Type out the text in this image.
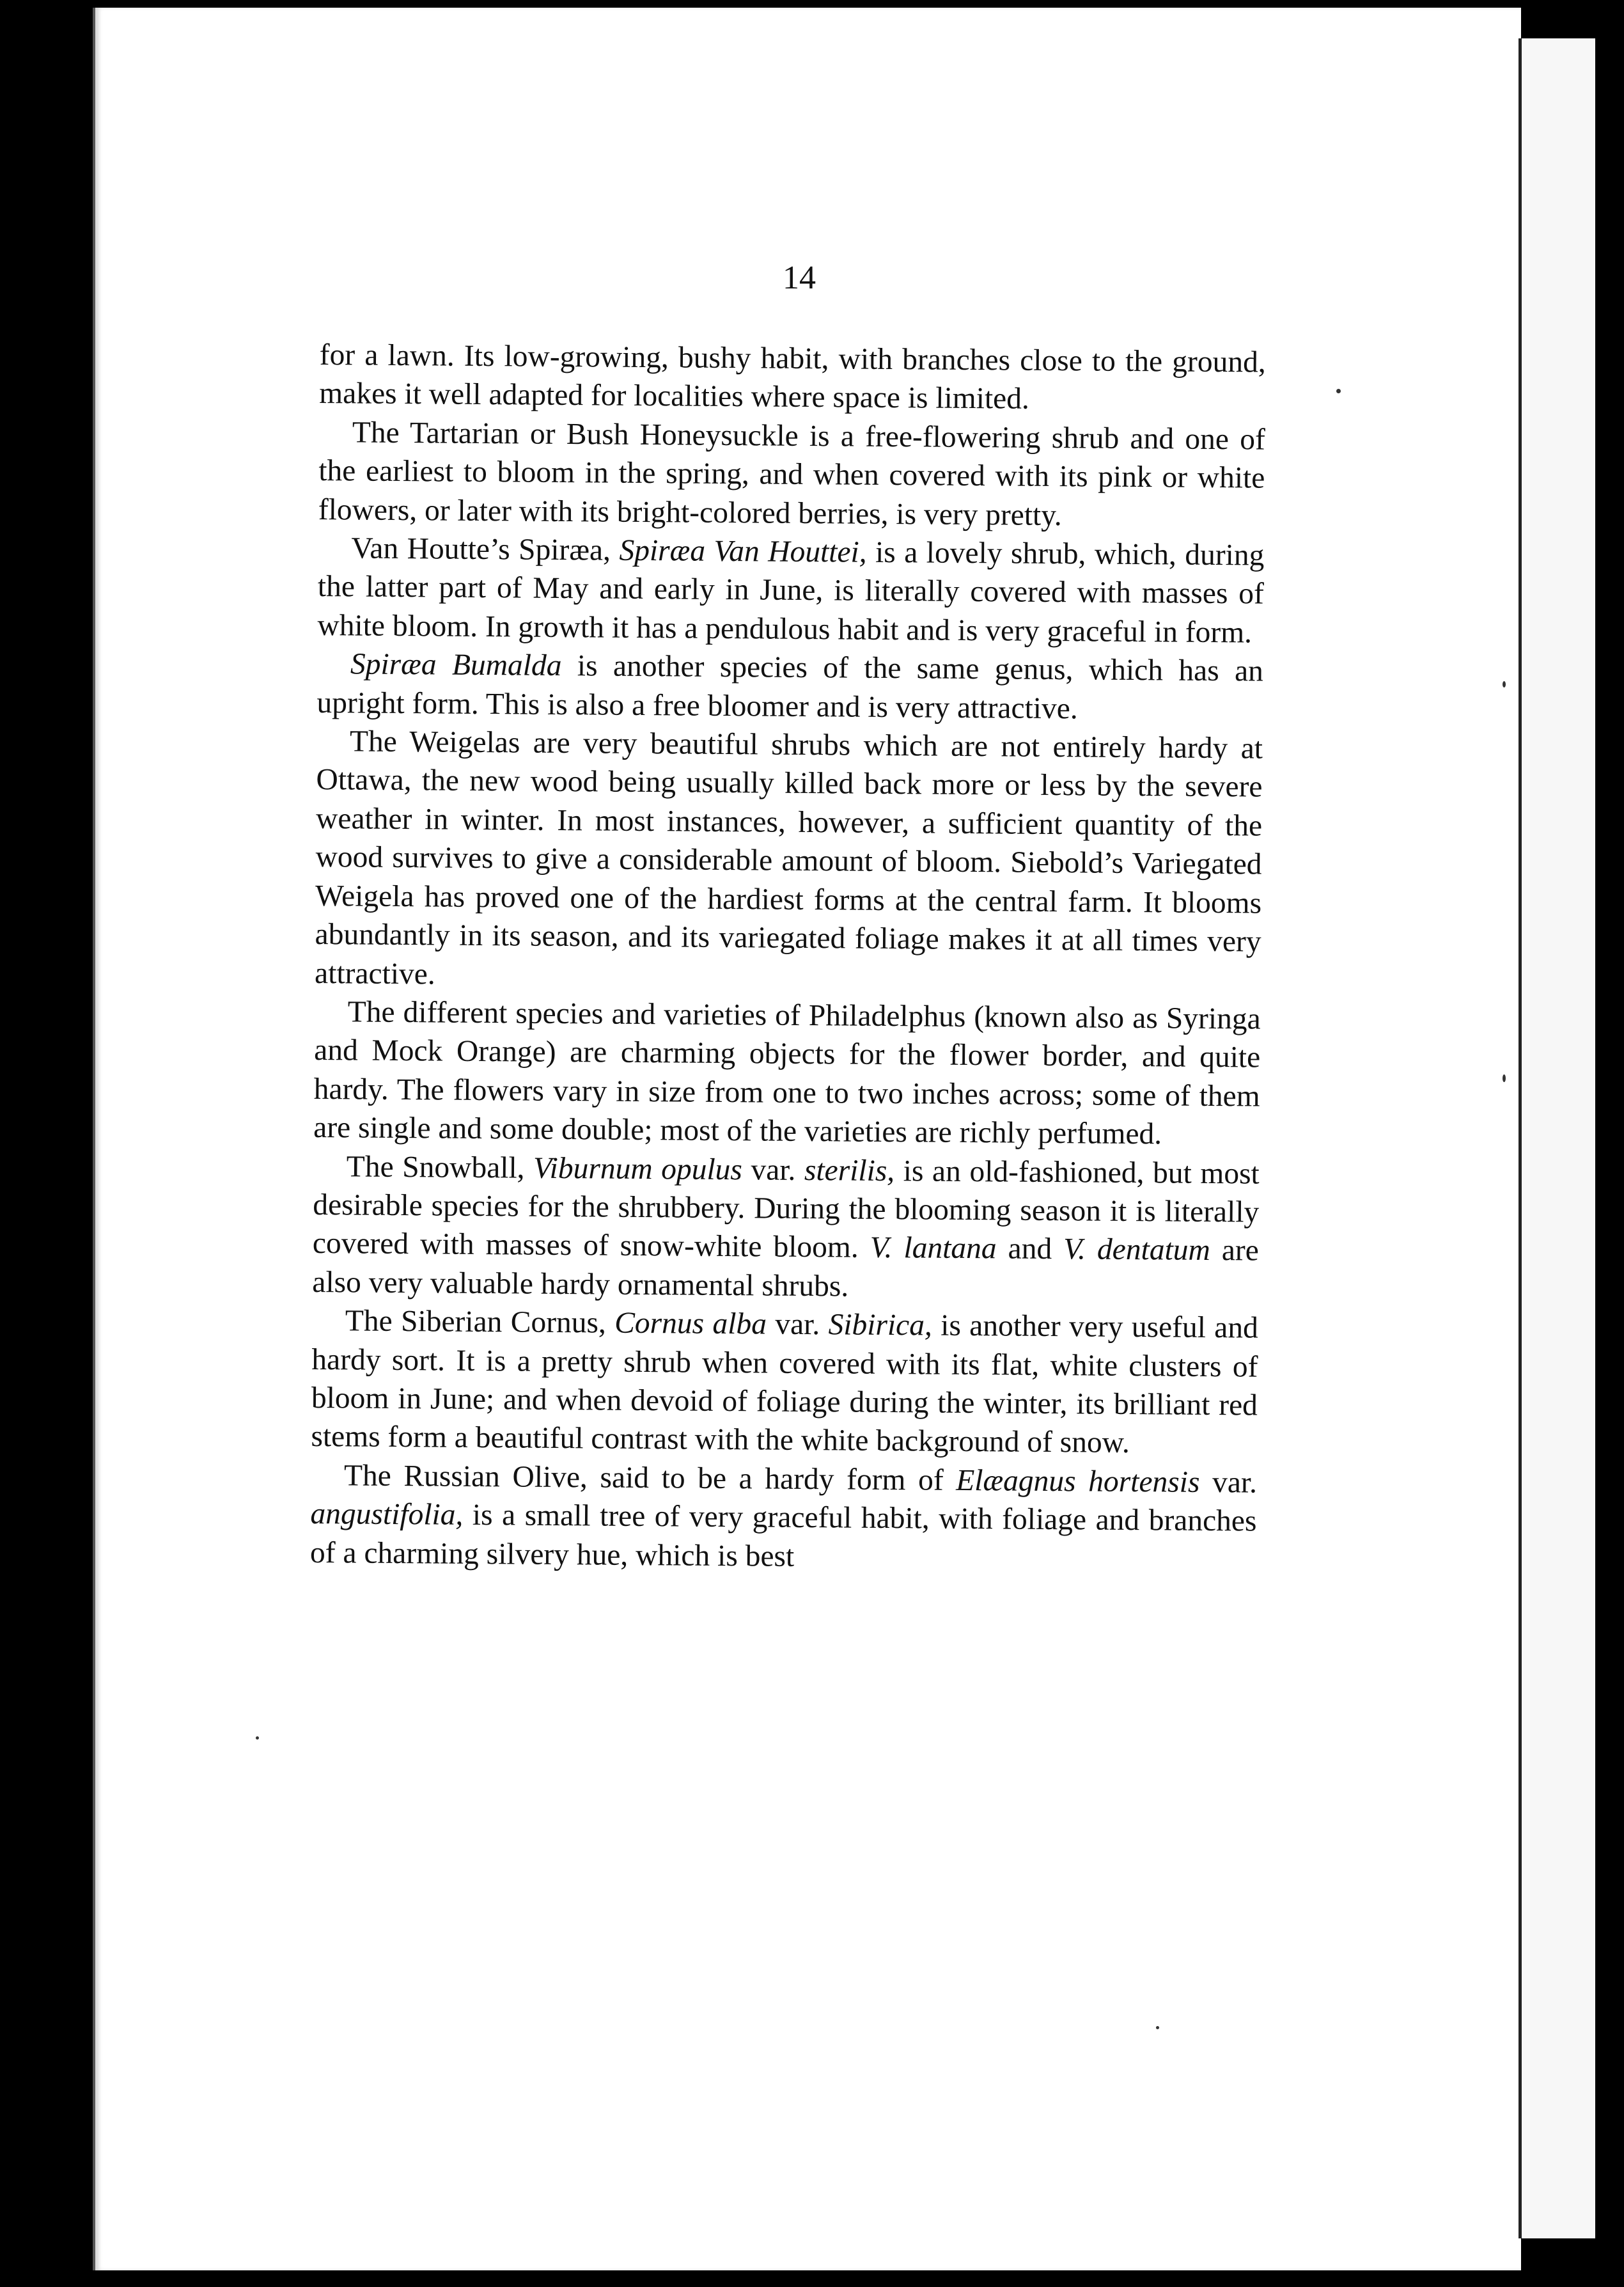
14

for a lawn. Its low-growing, bushy habit, with branches close to the ground, makes it well adapted for localities where space is limited.

The Tartarian or Bush Honeysuckle is a free-flowering shrub and one of the earliest to bloom in the spring, and when covered with its pink or white flowers, or later with its bright-colored berries, is very pretty.

Van Houtte’s Spiræa, Spiræa Van Houttei, is a lovely shrub, which, during the latter part of May and early in June, is literally covered with masses of white bloom. In growth it has a pendulous habit and is very graceful in form.

Spiræa Bumalda is another species of the same genus, which has an upright form. This is also a free bloomer and is very attractive.

The Weigelas are very beautiful shrubs which are not entirely hardy at Ottawa, the new wood being usually killed back more or less by the severe weather in winter. In most instances, however, a sufficient quantity of the wood survives to give a considerable amount of bloom. Siebold’s Variegated Weigela has proved one of the hardiest forms at the central farm. It blooms abundantly in its season, and its variegated foliage makes it at all times very attractive.

The different species and varieties of Philadelphus (known also as Syringa and Mock Orange) are charming objects for the flower border, and quite hardy. The flowers vary in size from one to two inches across; some of them are single and some double; most of the varieties are richly perfumed.

The Snowball, Viburnum opulus var. sterilis, is an old-fashioned, but most desirable species for the shrubbery. During the blooming season it is literally covered with masses of snow-white bloom. V. lantana and V. dentatum are also very valuable hardy ornamental shrubs.

The Siberian Cornus, Cornus alba var. Sibirica, is another very useful and hardy sort. It is a pretty shrub when covered with its flat, white clusters of bloom in June; and when devoid of foliage during the winter, its brilliant red stems form a beautiful contrast with the white background of snow.

The Russian Olive, said to be a hardy form of Elæagnus hortensis var. angustifolia, is a small tree of very graceful habit, with foliage and branches of a charming silvery hue, which is best
